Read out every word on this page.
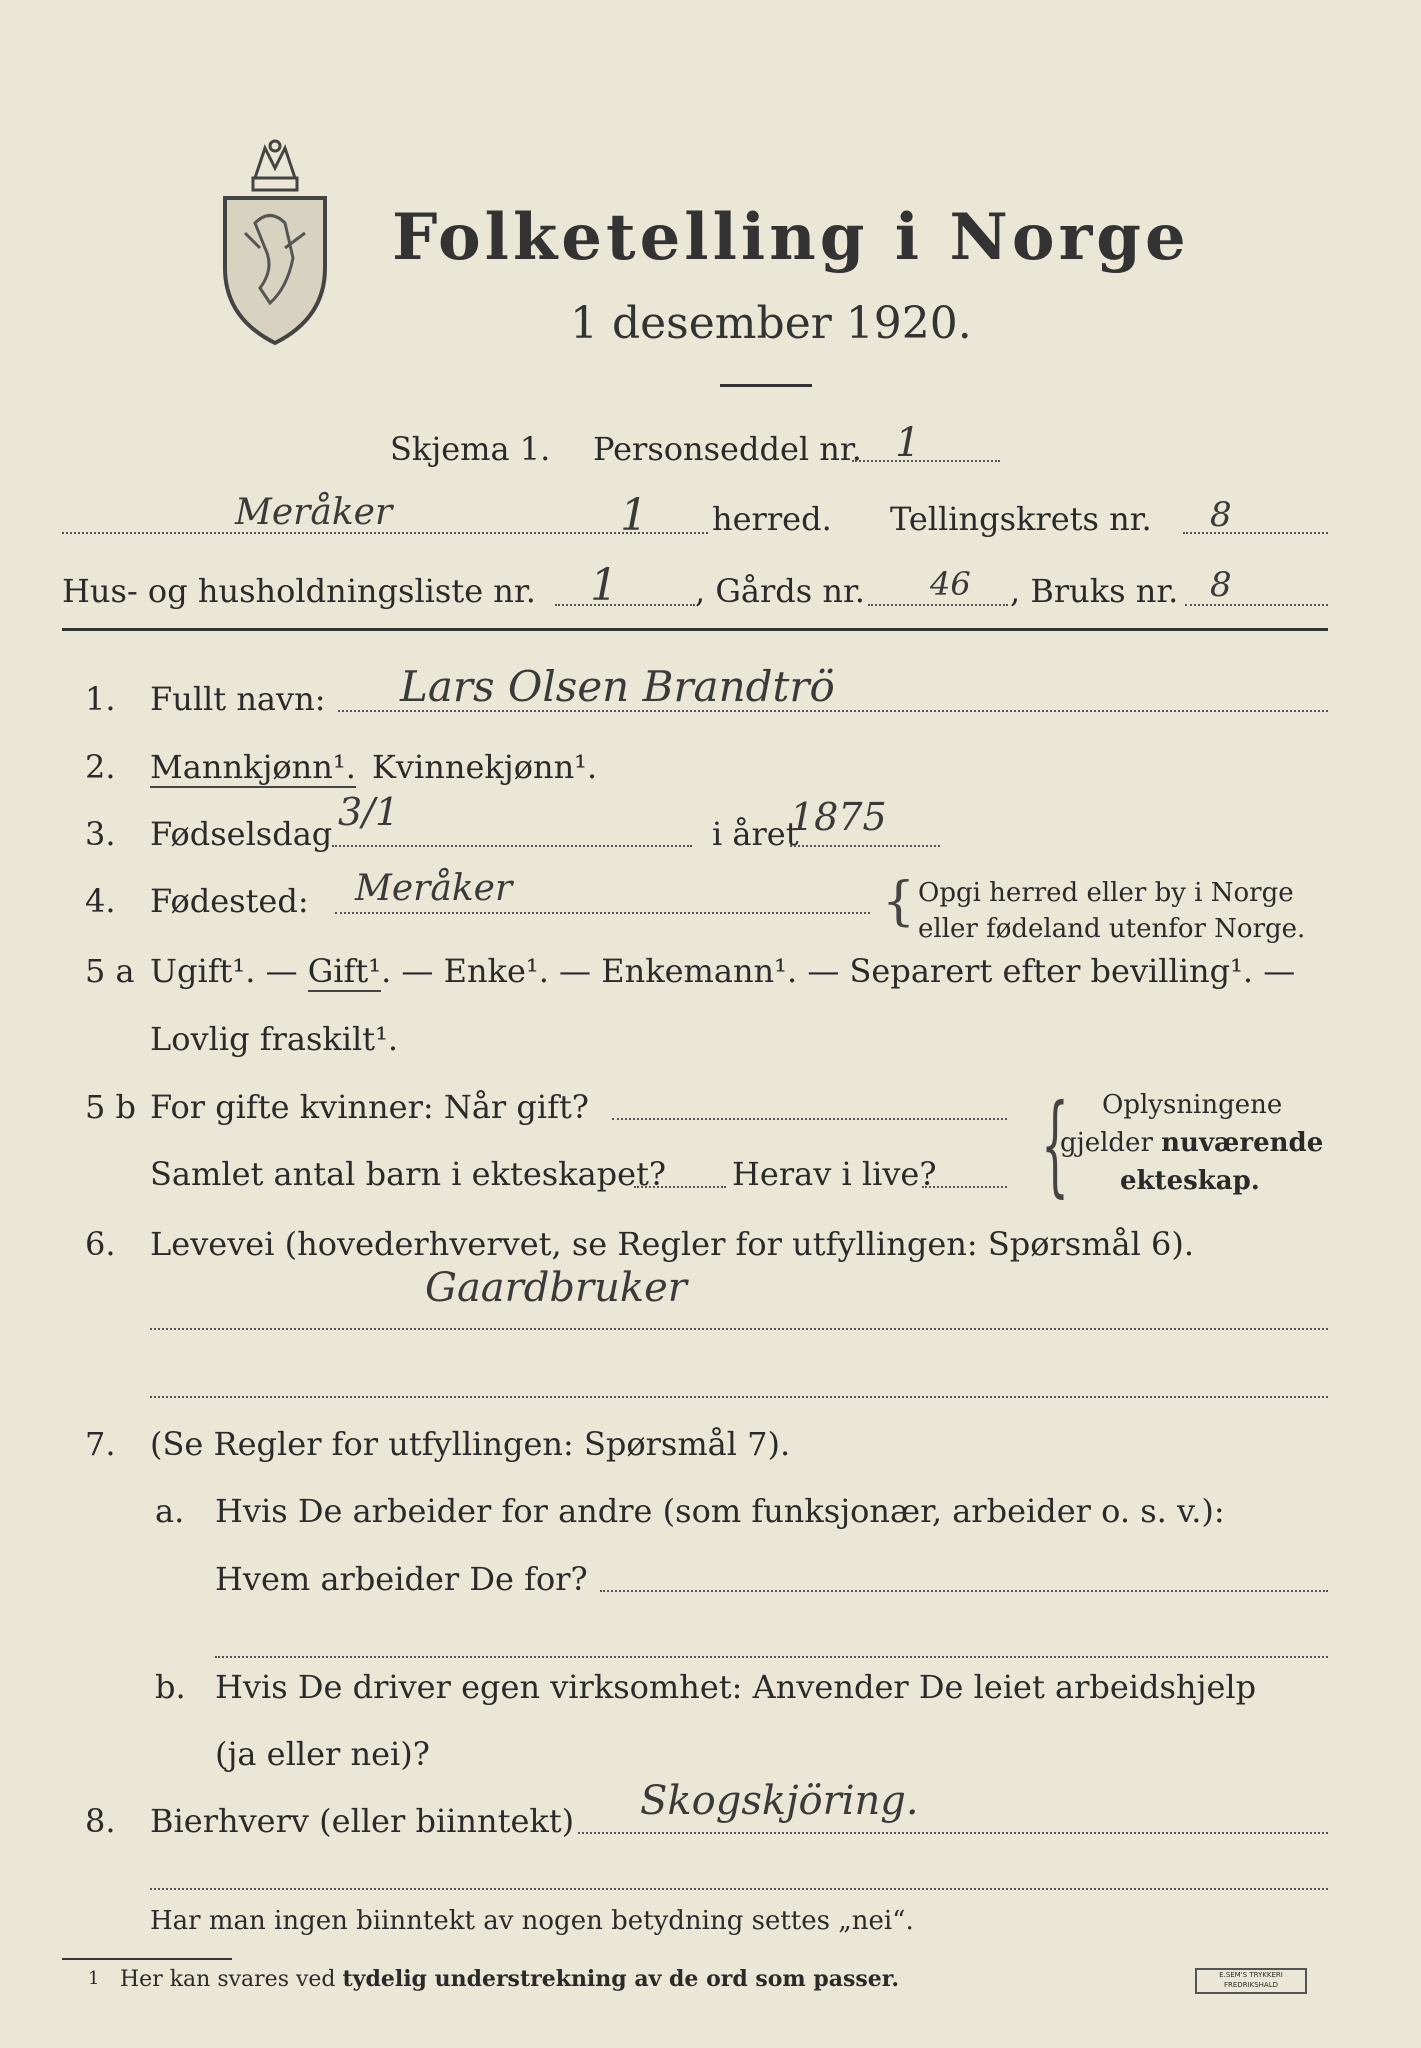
Folketelling i Norge
1 desember 1920.
Skjema 1. Personseddel nr. 1
Meråker	1 herred. Tellingskrets nr. 8
Hus- og husholdningsliste nr. 1 , Gårds nr. 46 , Bruks nr. 8
1. Fullt navn: Lars Olsen Brandtrö
2. Mannkjønn¹. Kvinnekjønn¹.
3. Fødselsdag 3/1	i året
1875
4. Fødested: Meråker	{ Opgi herred eller by i Norge
eller fødeland utenfor Norge.
5 a Ugift¹. — Gift¹. — Enke¹. — Enkemann¹. — Separert efter bevilling¹. —
Lovlig fraskilt¹.
5 b For gifte kvinner: Når gift?
Samlet antal barn i ekteskapet? Herav i live? { Oplysningene
gjelder nuværende
ekteskap.
6. Levevei (hovederhvervet, se Regler for utfyllingen: Spørsmål 6).
Gaardbruker
7. (Se Regler for utfyllingen: Spørsmål 7).
a. Hvis De arbeider for andre (som funksjonær, arbeider o. s. v.):
Hvem arbeider De for?
b. Hvis De driver egen virksomhet: Anvender De leiet arbeidshjelp
(ja eller nei)?
8. Bierhverv (eller biinntekt) Skogskjöring.
Har man ingen biinntekt av nogen betydning settes „nei“.
1 Her kan svares ved tydelig understrekning av de ord som passer.	E.SEM'S TRYKKERI
FREDRIKSHALD
